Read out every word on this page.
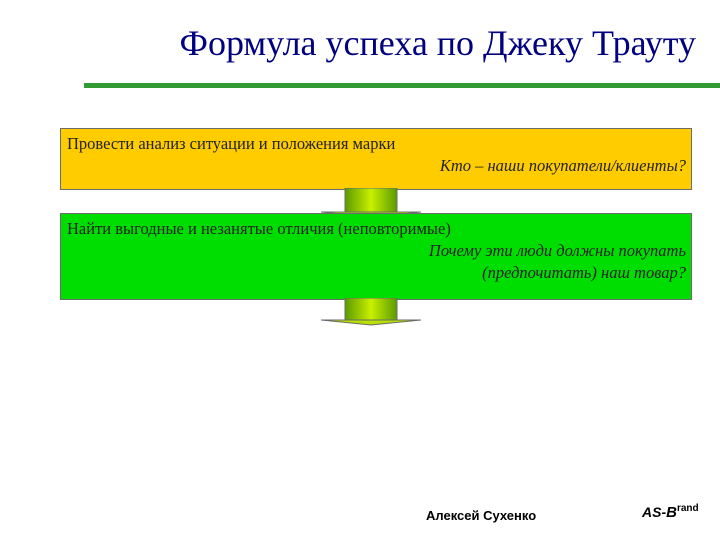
Формула успеха по Джеку Трауту
Провести анализ ситуации и положения марки
Кто – наши покупатели/клиенты?
Найти выгодные и незанятые отличия (неповторимые)
Почему эти люди должны покупать
(предпочитать) наш товар?
Алексей Сухенко	$AS-B^{rand}$
